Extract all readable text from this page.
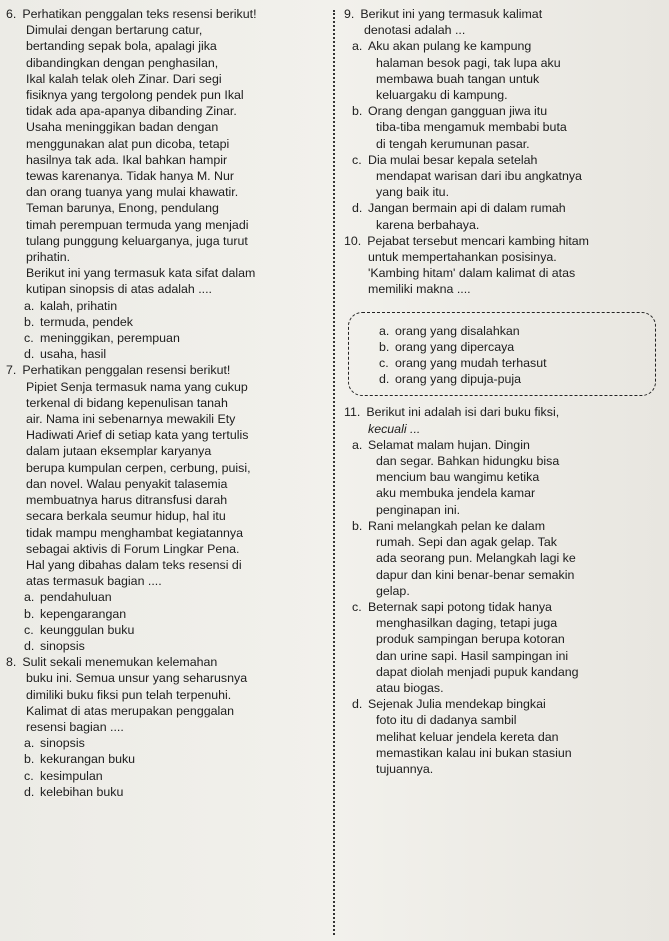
6. Perhatikan penggalan teks resensi berikut!
Dimulai dengan bertarung catur,
bertanding sepak bola, apalagi jika
dibandingkan dengan penghasilan,
Ikal kalah telak oleh Zinar. Dari segi
fisiknya yang tergolong pendek pun Ikal
tidak ada apa-apanya dibanding Zinar.
Usaha meninggikan badan dengan
menggunakan alat pun dicoba, tetapi
hasilnya tak ada. Ikal bahkan hampir
tewas karenanya. Tidak hanya M. Nur
dan orang tuanya yang mulai khawatir.
Teman barunya, Enong, pendulang
timah perempuan termuda yang menjadi
tulang punggung keluarganya, juga turut
prihatin.
Berikut ini yang termasuk kata sifat dalam
kutipan sinopsis di atas adalah ....
a. kalah, prihatin
b. termuda, pendek
c. meninggikan, perempuan
d. usaha, hasil
7. Perhatikan penggalan resensi berikut!
Pipiet Senja termasuk nama yang cukup
terkenal di bidang kepenulisan tanah
air. Nama ini sebenarnya mewakili Ety
Hadiwati Arief di setiap kata yang tertulis
dalam jutaan eksemplar karyanya
berupa kumpulan cerpen, cerbung, puisi,
dan novel. Walau penyakit talasemia
membuatnya harus ditransfusi darah
secara berkala seumur hidup, hal itu
tidak mampu menghambat kegiatannya
sebagai aktivis di Forum Lingkar Pena.
Hal yang dibahas dalam teks resensi di
atas termasuk bagian ....
a. pendahuluan
b. kepengarangan
c. keunggulan buku
d. sinopsis
8. Sulit sekali menemukan kelemahan
buku ini. Semua unsur yang seharusnya
dimiliki buku fiksi pun telah terpenuhi.
Kalimat di atas merupakan penggalan
resensi bagian ....
a. sinopsis
b. kekurangan buku
c. kesimpulan
d. kelebihan buku
9. Berikut ini yang termasuk kalimat
denotasi adalah ...
a. Aku akan pulang ke kampung
halaman besok pagi, tak lupa aku
membawa buah tangan untuk
keluargaku di kampung.
b. Orang dengan gangguan jiwa itu
tiba-tiba mengamuk membabi buta
di tengah kerumunan pasar.
c. Dia mulai besar kepala setelah
mendapat warisan dari ibu angkatnya
yang baik itu.
d. Jangan bermain api di dalam rumah
karena berbahaya.
10. Pejabat tersebut mencari kambing hitam
untuk mempertahankan posisinya.
'Kambing hitam' dalam kalimat di atas
memiliki makna ....
a. orang yang disalahkan
b. orang yang dipercaya
c. orang yang mudah terhasut
d. orang yang dipuja-puja
11. Berikut ini adalah isi dari buku fiksi,
kecuali ...
a. Selamat malam hujan. Dingin
dan segar. Bahkan hidungku bisa
mencium bau wangimu ketika
aku membuka jendela kamar
penginapan ini.
b. Rani melangkah pelan ke dalam
rumah. Sepi dan agak gelap. Tak
ada seorang pun. Melangkah lagi ke
dapur dan kini benar-benar semakin
gelap.
c. Beternak sapi potong tidak hanya
menghasilkan daging, tetapi juga
produk sampingan berupa kotoran
dan urine sapi. Hasil sampingan ini
dapat diolah menjadi pupuk kandang
atau biogas.
d. Sejenak Julia mendekap bingkai
foto itu di dadanya sambil
melihat keluar jendela kereta dan
memastikan kalau ini bukan stasiun
tujuannya.
